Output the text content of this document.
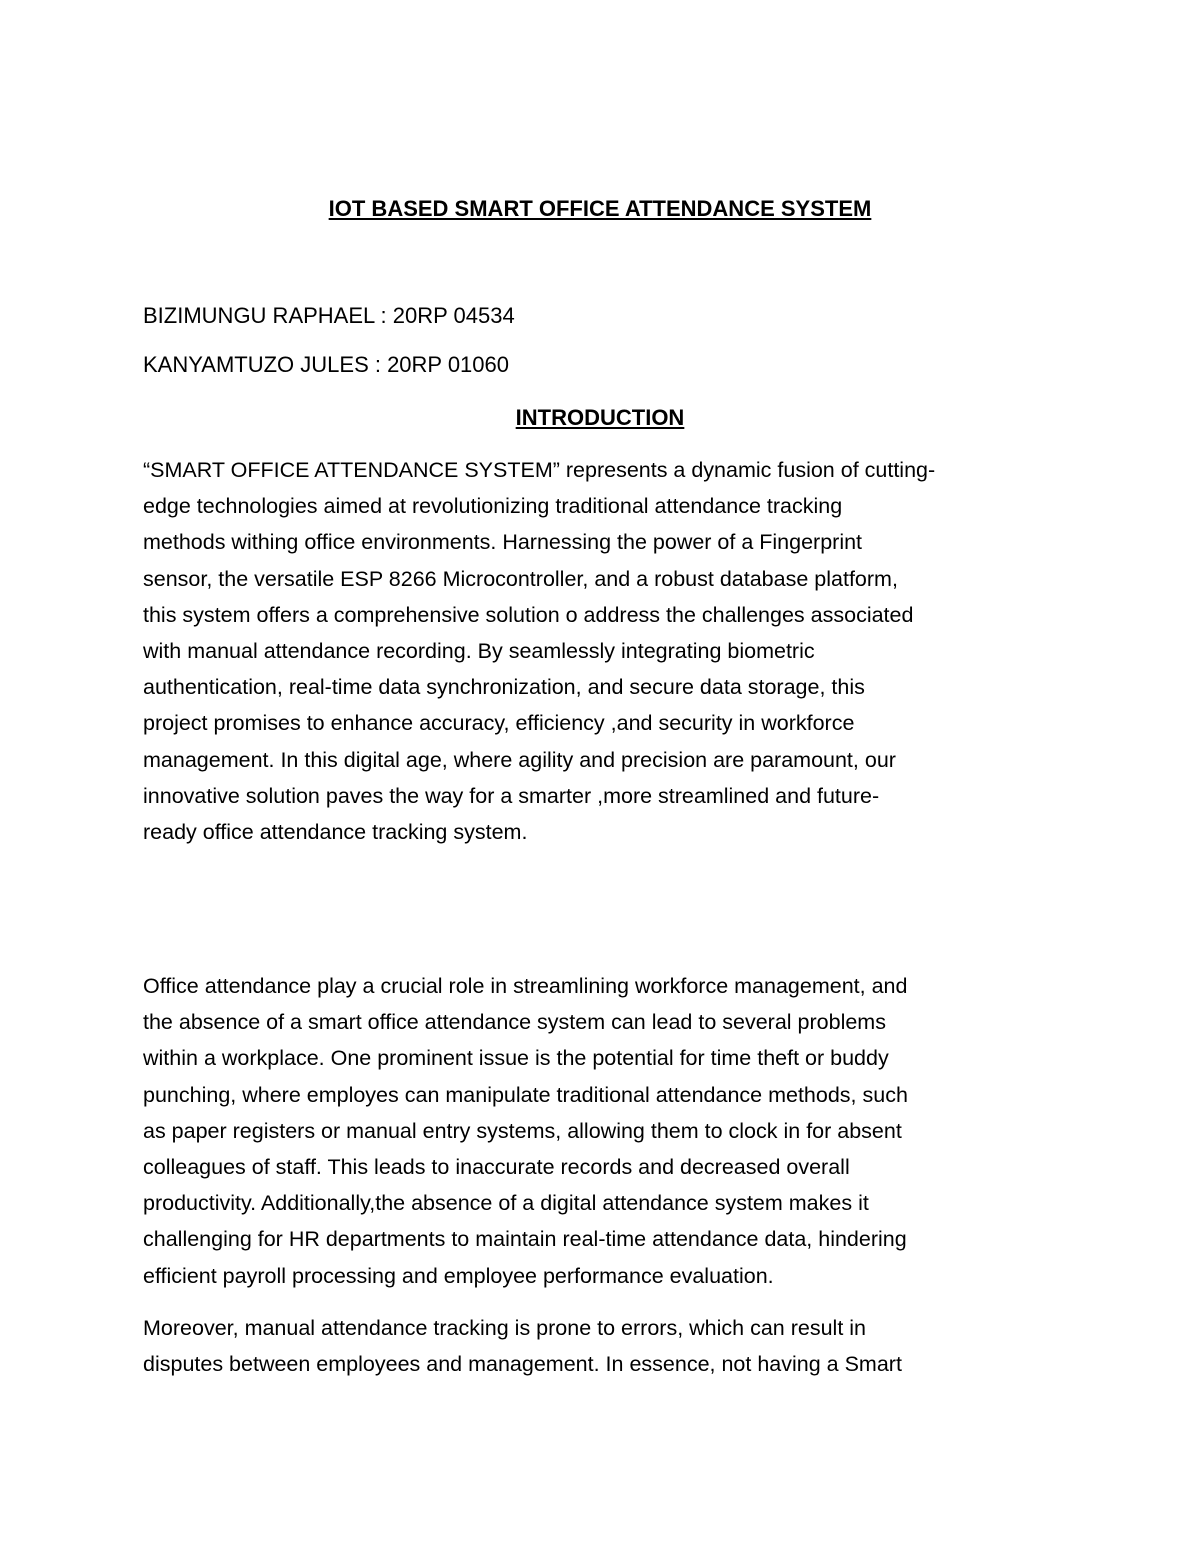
IOT BASED SMART OFFICE ATTENDANCE SYSTEM
BIZIMUNGU RAPHAEL : 20RP 04534
KANYAMTUZO JULES : 20RP 01060
INTRODUCTION
“SMART OFFICE ATTENDANCE SYSTEM” represents a dynamic fusion of cutting-
edge technologies aimed at revolutionizing traditional attendance tracking
methods withing office environments. Harnessing the power of a Fingerprint
sensor, the versatile ESP 8266 Microcontroller, and a robust database platform,
this system offers a comprehensive solution o address the challenges associated
with manual attendance recording. By seamlessly integrating biometric
authentication, real-time data synchronization, and secure data storage, this
project promises to enhance accuracy, efficiency ,and security in workforce
management. In this digital age, where agility and precision are paramount, our
innovative solution paves the way for a smarter ,more streamlined and future-
ready office attendance tracking system.
Office attendance play a crucial role in streamlining workforce management, and
the absence of a smart office attendance system can lead to several problems
within a workplace. One prominent issue is the potential for time theft or buddy
punching, where employes can manipulate traditional attendance methods, such
as paper registers or manual entry systems, allowing them to clock in for absent
colleagues of staff. This leads to inaccurate records and decreased overall
productivity. Additionally,the absence of a digital attendance system makes it
challenging for HR departments to maintain real-time attendance data, hindering
efficient payroll processing and employee performance evaluation.
Moreover, manual attendance tracking is prone to errors, which can result in
disputes between employees and management. In essence, not having a Smart
